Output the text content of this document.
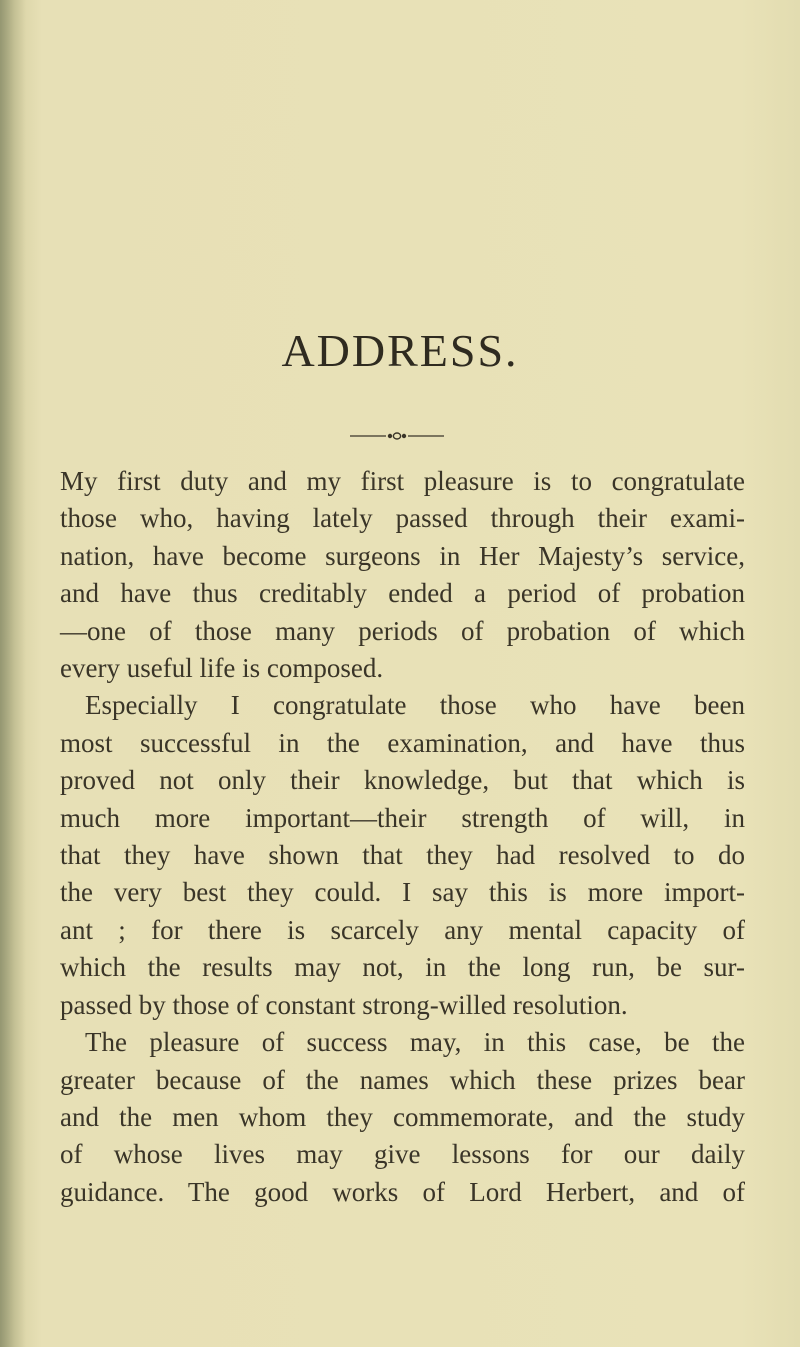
ADDRESS.

My first duty and my first pleasure is to congratulate
those who, having lately passed through their exami-
nation, have become surgeons in Her Majesty’s service,
and have thus creditably ended a period of probation
—one of those many periods of probation of which
every useful life is composed.

Especially I congratulate those who have been
most successful in the examination, and have thus
proved not only their knowledge, but that which is
much more important—their strength of will, in
that they have shown that they had resolved to do
the very best they could. I say this is more import-
ant ; for there is scarcely any mental capacity of
which the results may not, in the long run, be sur-
passed by those of constant strong-willed resolution.

The pleasure of success may, in this case, be the
greater because of the names which these prizes bear
and the men whom they commemorate, and the study
of whose lives may give lessons for our daily
guidance. The good works of Lord Herbert, and of
